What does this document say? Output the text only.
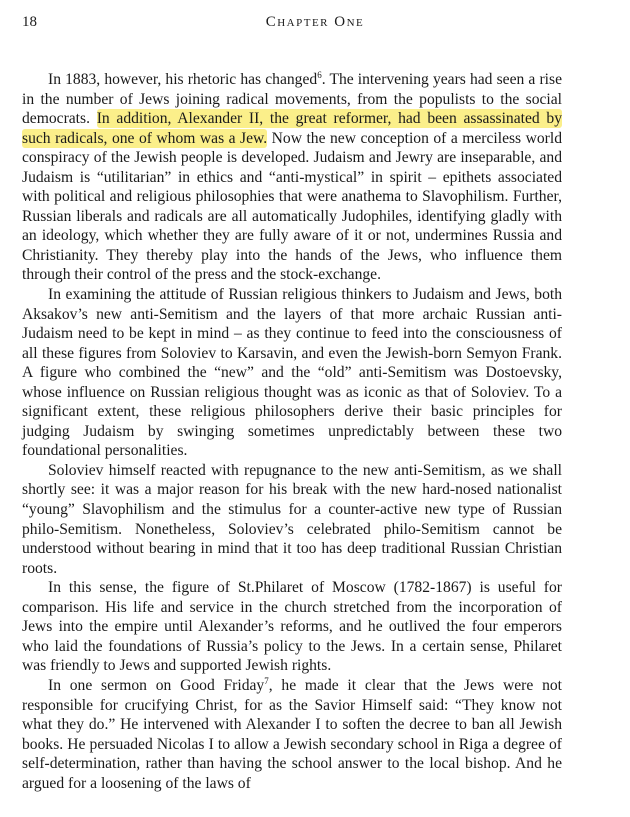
18	Chapter One

In 1883, however, his rhetoric has changed$^6$. The intervening years had seen a rise in the number of Jews joining radical movements, from the populists to the social democrats. In addition, Alexander II, the great reformer, had been assassinated by such radicals, one of whom was a Jew. Now the new conception of a merciless world conspiracy of the Jewish people is developed. Judaism and Jewry are inseparable, and Judaism is “utilitarian” in ethics and “anti-mystical” in spirit – epithets associated with political and religious philosophies that were anathema to Slavophilism. Further, Russian liberals and radicals are all automatically Judophiles, identifying gladly with an ideology, which whether they are fully aware of it or not, undermines Russia and Christianity. They thereby play into the hands of the Jews, who influence them through their control of the press and the stock-exchange.

In examining the attitude of Russian religious thinkers to Judaism and Jews, both Aksakov’s new anti-Semitism and the layers of that more archaic Russian anti-Judaism need to be kept in mind – as they continue to feed into the consciousness of all these figures from Soloviev to Karsavin, and even the Jewish-born Semyon Frank. A figure who combined the “new” and the “old” anti-Semitism was Dostoevsky, whose influence on Russian religious thought was as iconic as that of Soloviev. To a significant extent, these religious philosophers derive their basic principles for judging Judaism by swinging sometimes unpredictably between these two foundational personalities.

Soloviev himself reacted with repugnance to the new anti-Semitism, as we shall shortly see: it was a major reason for his break with the new hard-nosed nationalist “young” Slavophilism and the stimulus for a counter-active new type of Russian philo-Semitism. Nonetheless, Soloviev’s celebrated philo-Semitism cannot be understood without bearing in mind that it too has deep traditional Russian Christian roots.

In this sense, the figure of St.Philaret of Moscow (1782-1867) is useful for comparison. His life and service in the church stretched from the incorporation of Jews into the empire until Alexander’s reforms, and he outlived the four emperors who laid the foundations of Russia’s policy to the Jews. In a certain sense, Philaret was friendly to Jews and supported Jewish rights.

In one sermon on Good Friday$^7$, he made it clear that the Jews were not responsible for crucifying Christ, for as the Savior Himself said: “They know not what they do.” He intervened with Alexander I to soften the decree to ban all Jewish books. He persuaded Nicolas I to allow a Jewish secondary school in Riga a degree of self-determination, rather than having the school answer to the local bishop. And he argued for a loosening of the laws of
